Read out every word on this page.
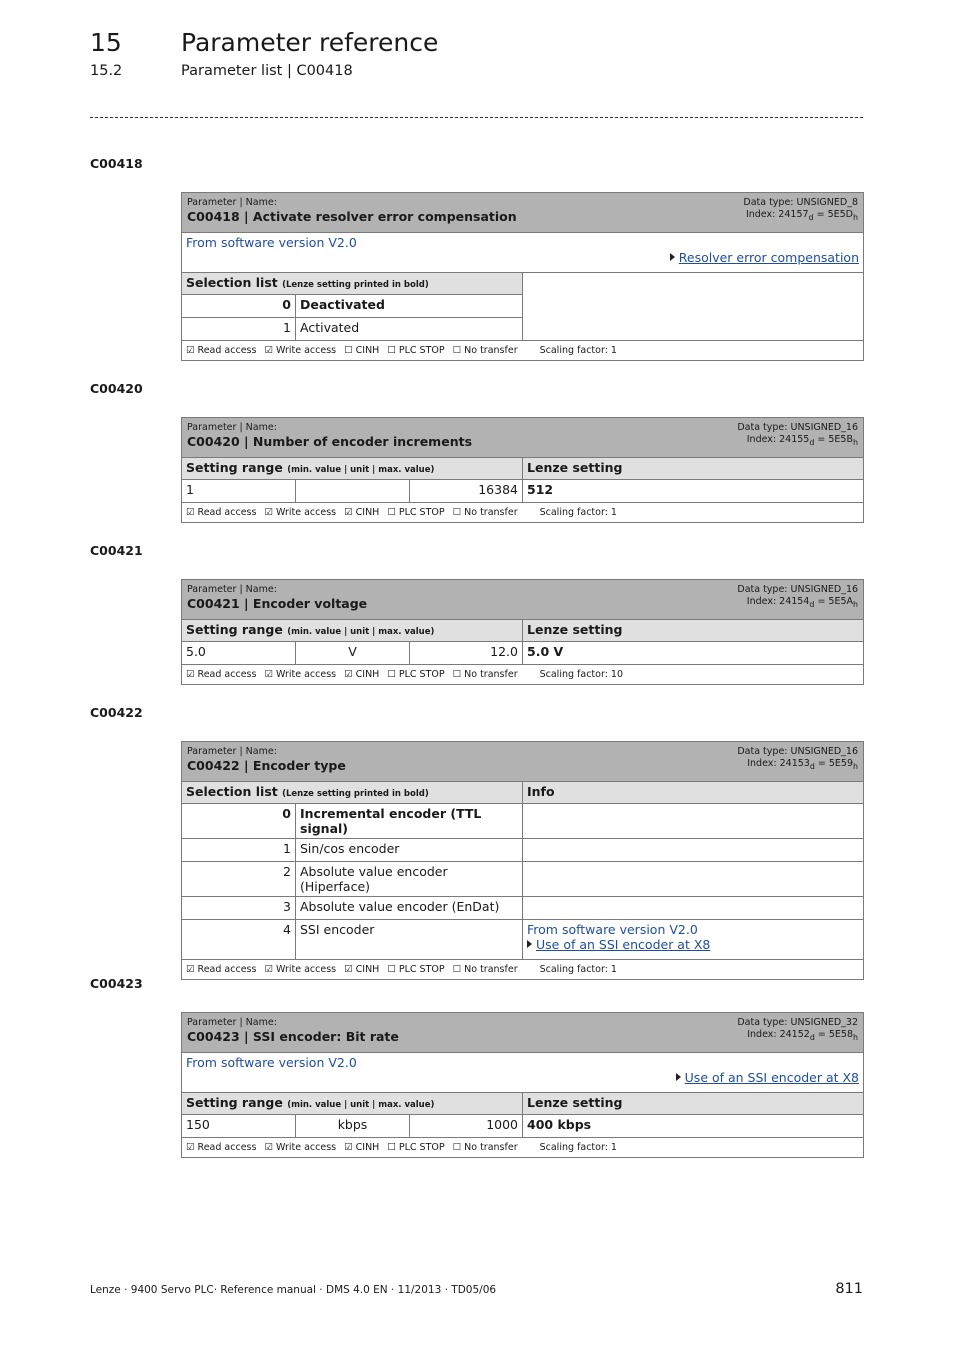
15 Parameter reference
15.2	Parameter list | C00418
C00418
Data type: UNSIGNED_8
Index: $24157_d = 5E5D_h$
Parameter | Name:
C00418 | Activate resolver error compensation		

From software version V2.0
Resolver error compensation		

Selection list (Lenze setting printed in bold)		
0	Deactivated	
1	Activated	
☑ Read access ☑ Write access ☐ CINH ☐ PLC STOP ☐ No transfer Scaling factor: 1		
C00420
Data type: UNSIGNED_16
Index: $24155_d = 5E5B_h$
Parameter | Name:
C00420 | Number of encoder increments			

Setting range (min. value | unit | max. value)			Lenze setting
1		16384	512
☑ Read access ☑ Write access ☑ CINH ☐ PLC STOP ☐ No transfer Scaling factor: 1			
C00421
Data type: UNSIGNED_16
Index: $24154_d = 5E5A_h$
Parameter | Name:
C00421 | Encoder voltage			

Setting range (min. value | unit | max. value)			Lenze setting
5.0	V	12.0	5.0 V
☑ Read access ☑ Write access ☑ CINH ☐ PLC STOP ☐ No transfer Scaling factor: 10			
C00422
Data type: UNSIGNED_16
Index: $24153_d = 5E59_h$
Parameter | Name:
C00422 | Encoder type		

Selection list (Lenze setting printed in bold)		Info
0	Incremental encoder (TTL signal)	
1	Sin/cos encoder	
2	Absolute value encoder (Hiperface)	
3	Absolute value encoder (EnDat)	
4	SSI encoder	From software version V2.0
Use of an SSI encoder at X8

☑ Read access ☑ Write access ☑ CINH ☐ PLC STOP ☐ No transfer Scaling factor: 1		
C00423
Data type: UNSIGNED_32
Index: $24152_d = 5E58_h$
Parameter | Name:
C00423 | SSI encoder: Bit rate			

From software version V2.0
Use of an SSI encoder at X8			

Setting range (min. value | unit | max. value)			Lenze setting
150	kbps	1000	400 kbps
☑ Read access ☑ Write access ☑ CINH ☐ PLC STOP ☐ No transfer Scaling factor: 1			
Lenze · 9400 Servo PLC· Reference manual · DMS 4.0 EN · 11/2013 · TD05/06	811
